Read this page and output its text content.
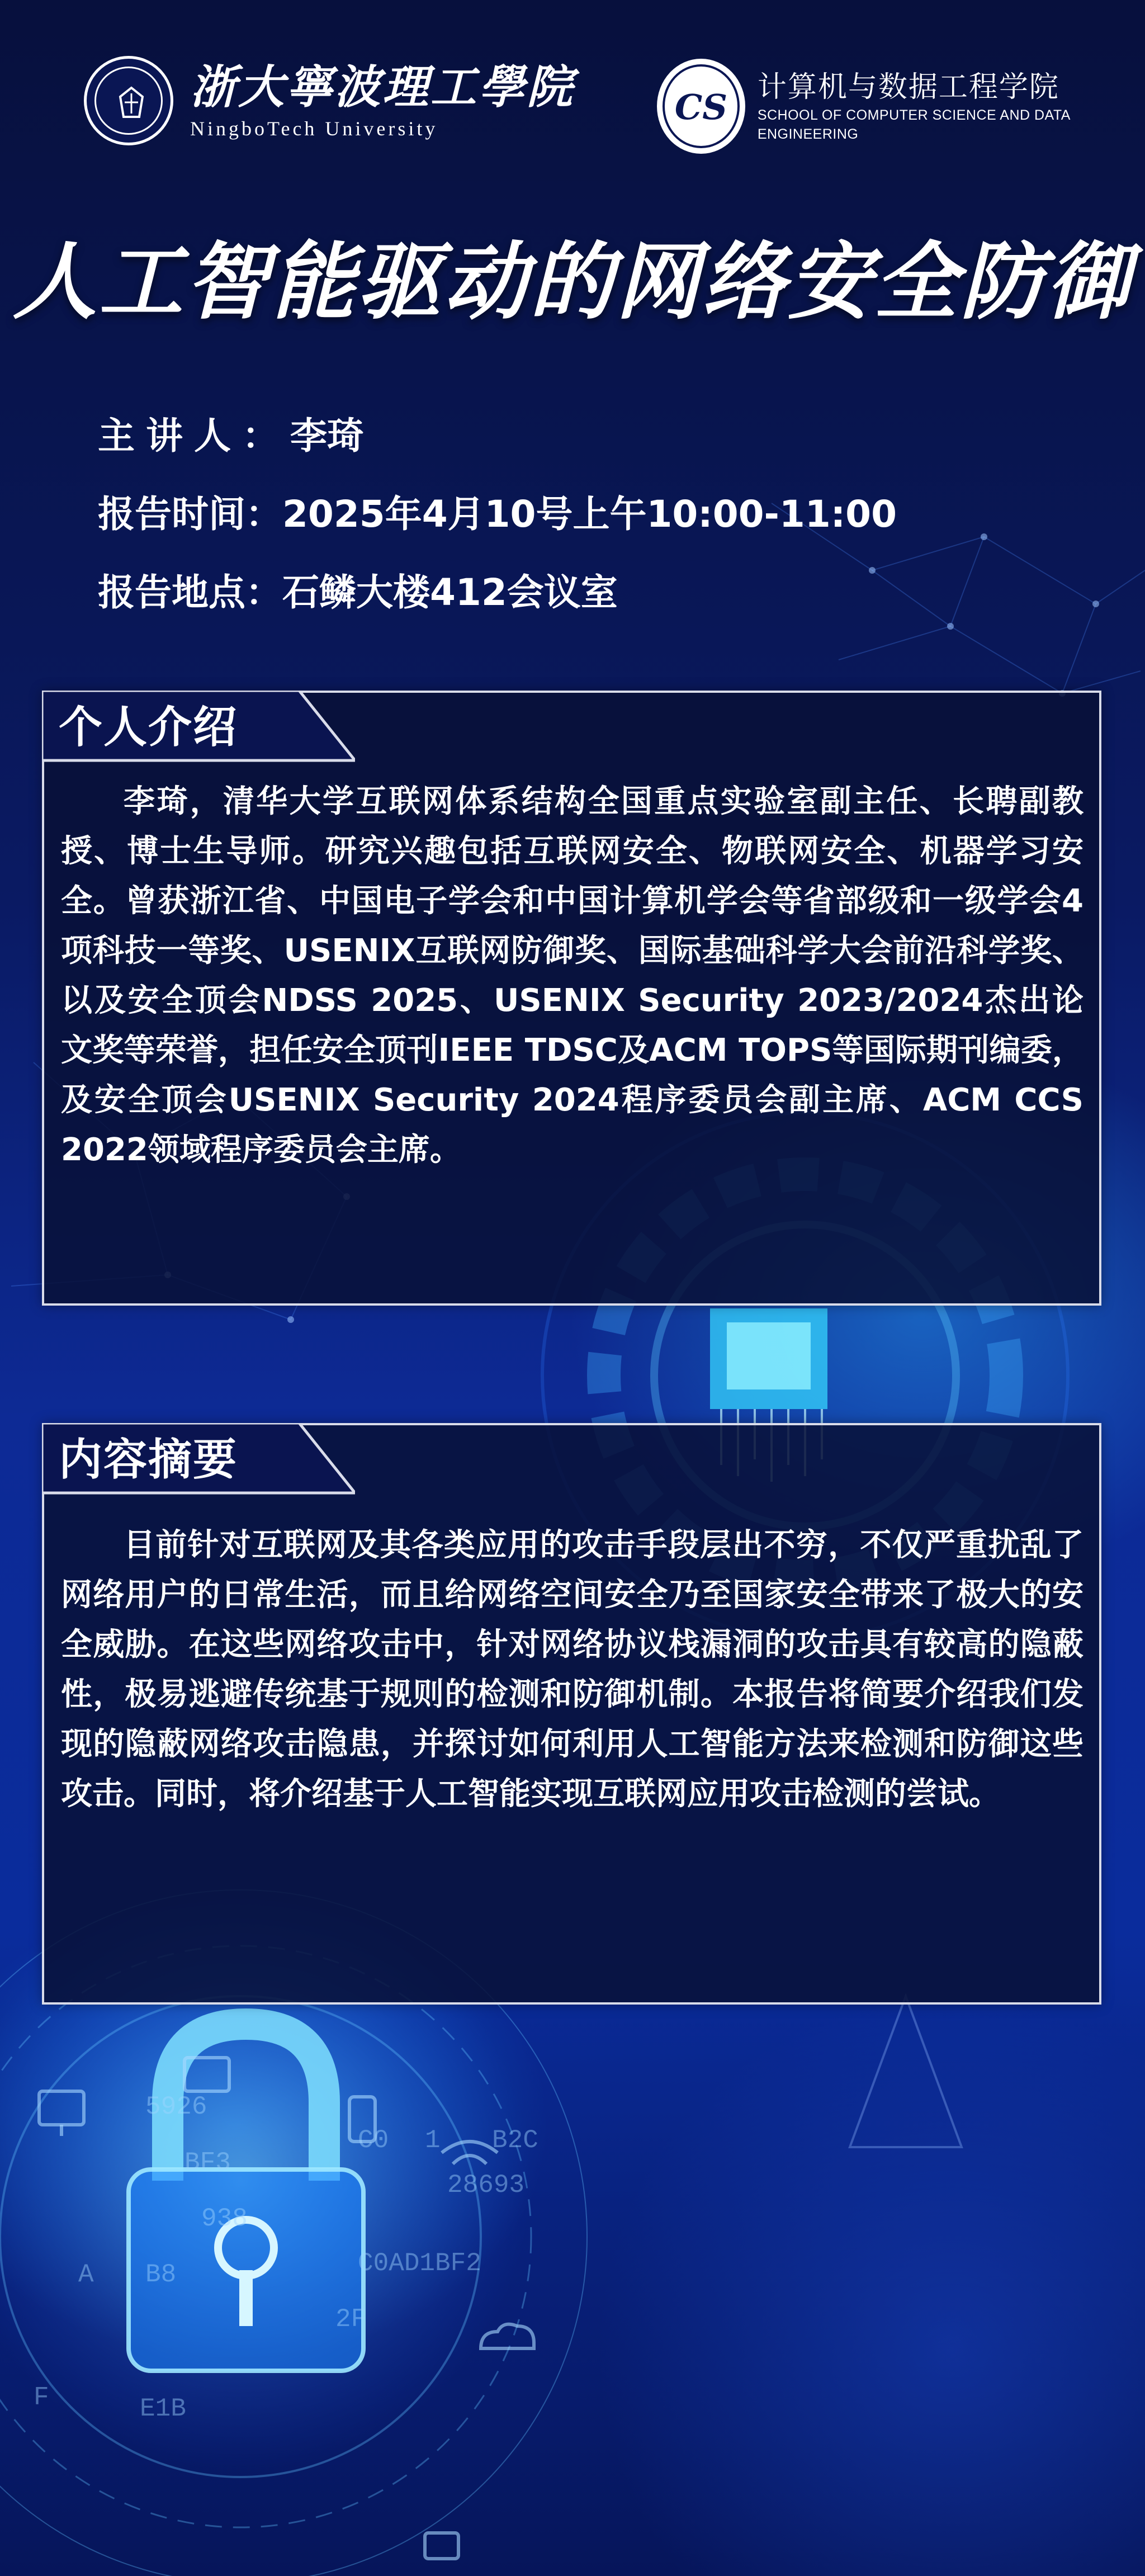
5926
BF3
938
C0 1 B2C
28693
C0AD1BF2
B8
2F
E1B
F
A
浙大寧波理工學院
NingboTech University
CS	计算机与数据工程学院
SCHOOL OF COMPUTER SCIENCE AND DATA ENGINEERING
人工智能驱动的网络安全防御
主讲人： 李琦
报告时间： 2025年4月10号上午10:00-11:00
报告地点： 石鳞大楼412会议室
个人介绍

李琦，清华大学互联网体系结构全国重点实验室副主任、长聘副教授、博士生导师。研究兴趣包括互联网安全、物联网安全、机器学习安全。曾获浙江省、中国电子学会和中国计算机学会等省部级和一级学会4项科技一等奖、USENIX互联网防御奖、国际基础科学大会前沿科学奖、以及安全顶会NDSS 2025、USENIX Security 2023/2024杰出论文奖等荣誉，担任安全顶刊IEEE TDSC及ACM TOPS等国际期刊编委，及安全顶会USENIX Security 2024程序委员会副主席、ACM CCS 2022领域程序委员会主席。

内容摘要

目前针对互联网及其各类应用的攻击手段层出不穷，不仅严重扰乱了网络用户的日常生活，而且给网络空间安全乃至国家安全带来了极大的安全威胁。在这些网络攻击中，针对网络协议栈漏洞的攻击具有较高的隐蔽性，极易逃避传统基于规则的检测和防御机制。本报告将简要介绍我们发现的隐蔽网络攻击隐患，并探讨如何利用人工智能方法来检测和防御这些攻击。同时，将介绍基于人工智能实现互联网应用攻击检测的尝试。
